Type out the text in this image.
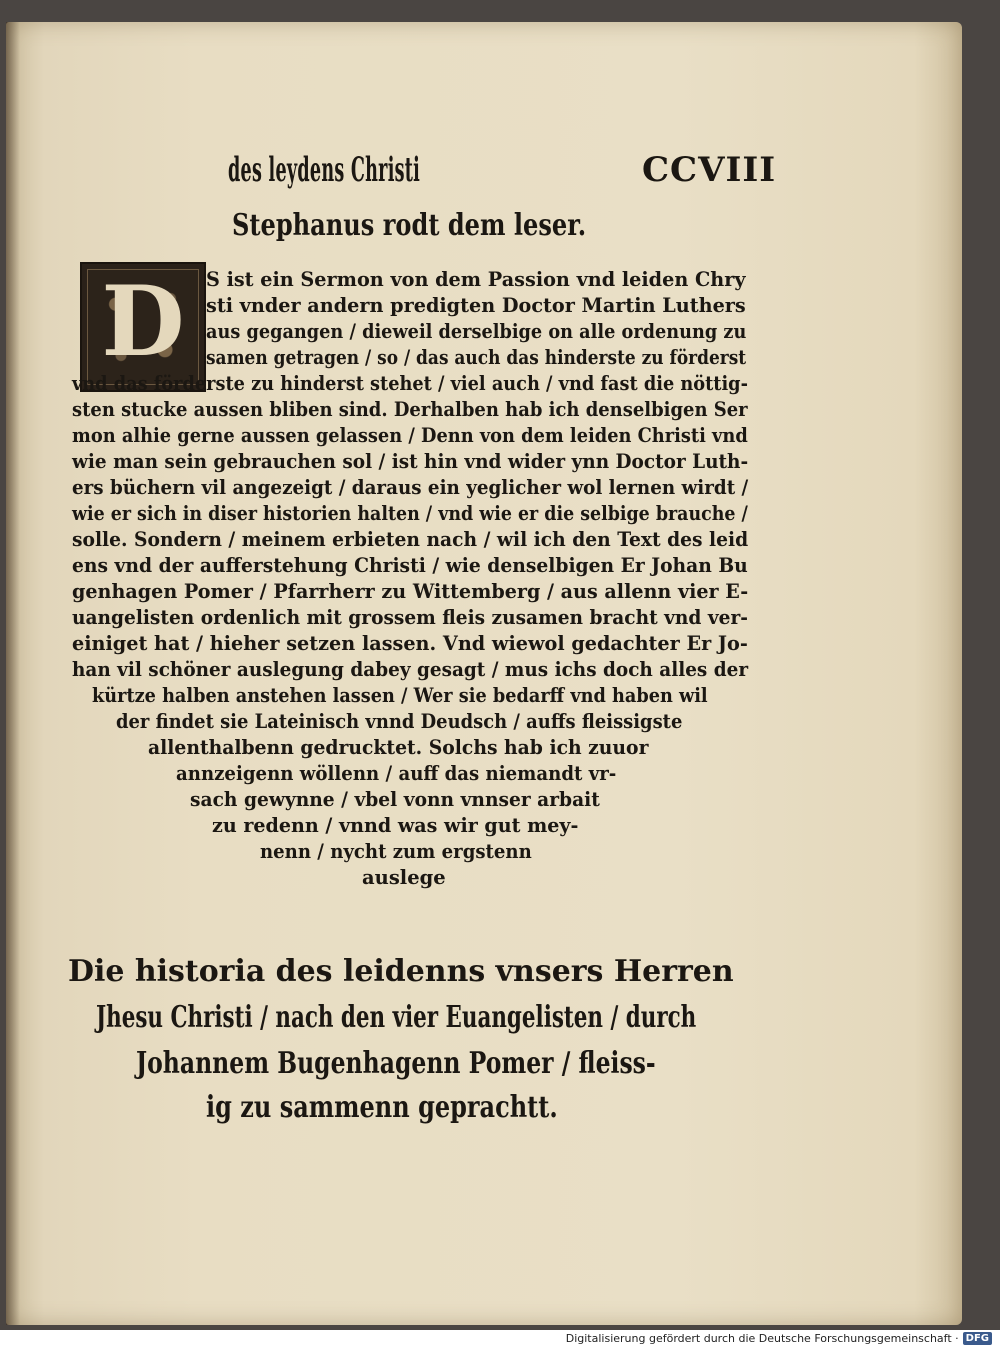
des leydens Christi	CCVIII
Stephanus rodt dem leser.
D	S ist ein Sermon von dem Passion vnd leiden Chry
sti vnder andern predigten Doctor Martin Luthers
aus gegangen / dieweil derselbige on alle ordenung zu
samen getragen / so / das auch das hinderste zu förderst
vnd das förderste zu hinderst stehet / viel auch / vnd fast die nöttig-
sten stucke aussen bliben sind. Derhalben hab ich denselbigen Ser
mon alhie gerne aussen gelassen / Denn von dem leiden Christi vnd
wie man sein gebrauchen sol / ist hin vnd wider ynn Doctor Luth-
ers büchern vil angezeigt / daraus ein yeglicher wol lernen wirdt /
wie er sich in diser historien halten / vnd wie er die selbige brauche /
solle. Sondern / meinem erbieten nach / wil ich den Text des leid
ens vnd der aufferstehung Christi / wie denselbigen Er Johan Bu
genhagen Pomer / Pfarrherr zu Wittemberg / aus allenn vier E-
uangelisten ordenlich mit grossem fleis zusamen bracht vnd ver-
einiget hat / hieher setzen lassen. Vnd wiewol gedachter Er Jo-
han vil schöner auslegung dabey gesagt / mus ichs doch alles der
kürtze halben anstehen lassen / Wer sie bedarff vnd haben wil
der findet sie Lateinisch vnnd Deudsch / auffs fleissigste
allenthalbenn gedrucktet. Solchs hab ich zuuor
annzeigenn wöllenn / auff das niemandt vr-
sach gewynne / vbel vonn vnnser arbait
zu redenn / vnnd was wir gut mey-
nenn / nycht zum ergstenn
auslege
Die historia des leidenns vnsers Herren
Jhesu Christi / nach den vier Euangelisten / durch
Johannem Bugenhagenn Pomer / fleiss-
ig zu sammenn geprachtt.
Digitalisierung gefördert durch die Deutsche Forschungsgemeinschaft · DFG
